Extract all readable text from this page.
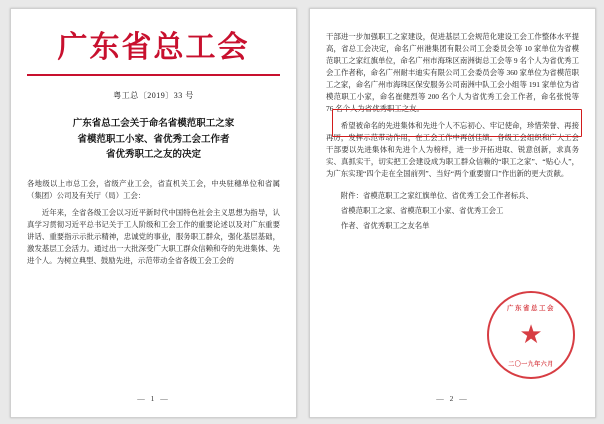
广东省总工会
粤工总〔2019〕33 号
广东省总工会关于命名省模范职工之家
省模范职工小家、省优秀工会工作者
省优秀职工之友的决定

各地级以上市总工会，省级产业工会，省直机关工会，中央驻穗单位和省属（集团）公司及有关厅（局）工会：

近年来，全省各级工会以习近平新时代中国特色社会主义思想为指导，认真学习贯彻习近平总书记关于工人阶级和工会工作的重要论述以及对广东重要讲话、重要指示示批示精神，忠诚党的事业，服务职工群众，强化基层基础，激发基层工会活力。通过出一大批深受广大职工群众信赖和夺的先进集体、先进个人。为树立典型、鼓励先进，示范带动全省各级工会工会的

— 1 —

干部进一步加强职工之家建设，促进基层工会规范化建设工会工作整体水平提高，省总工会决定，命名广州港集团有限公司工会委员会等 10 家单位为省模范职工之家红旗单位，命名广州市海珠区南洲街总工会等 9 名个人为省优秀工会工作者称，命名广州耐丰迪实有限公司工会委员会等 360 家单位为省模范职工之家，命名广州市海珠区保安服务公司南洲中队工会小组等 191 家单位为省模范职工小家，命名崔健烈等 200 名个人为省优秀工会工作者，命名张悦等 76 名个人为省优秀职工之友。

希望被命名的先进集体和先进个人不忘初心、牢记使命，珍惜荣誉、再接再厉，发挥示范带动作用，在工会工作中再创佳绩。各级工会组织和广大工会干部要以先进集体和先进个人为榜样，进一步开拓进取、锐意创新，求真务实、真抓实干，切实把工会建设成为职工群众信赖的“职工之家”、“贴心人”，为广东实现“四个走在全国前列”、当好“两个重要窗口”作出新的更大贡献。

附件：省模范职工之家红旗单位、省优秀工会工作者标兵、

省模范职工之家、省模范职工小家、省优秀工会工

作者、省优秀职工之友名单

广东省总工会
★
二〇一九年六月
— 2 —
